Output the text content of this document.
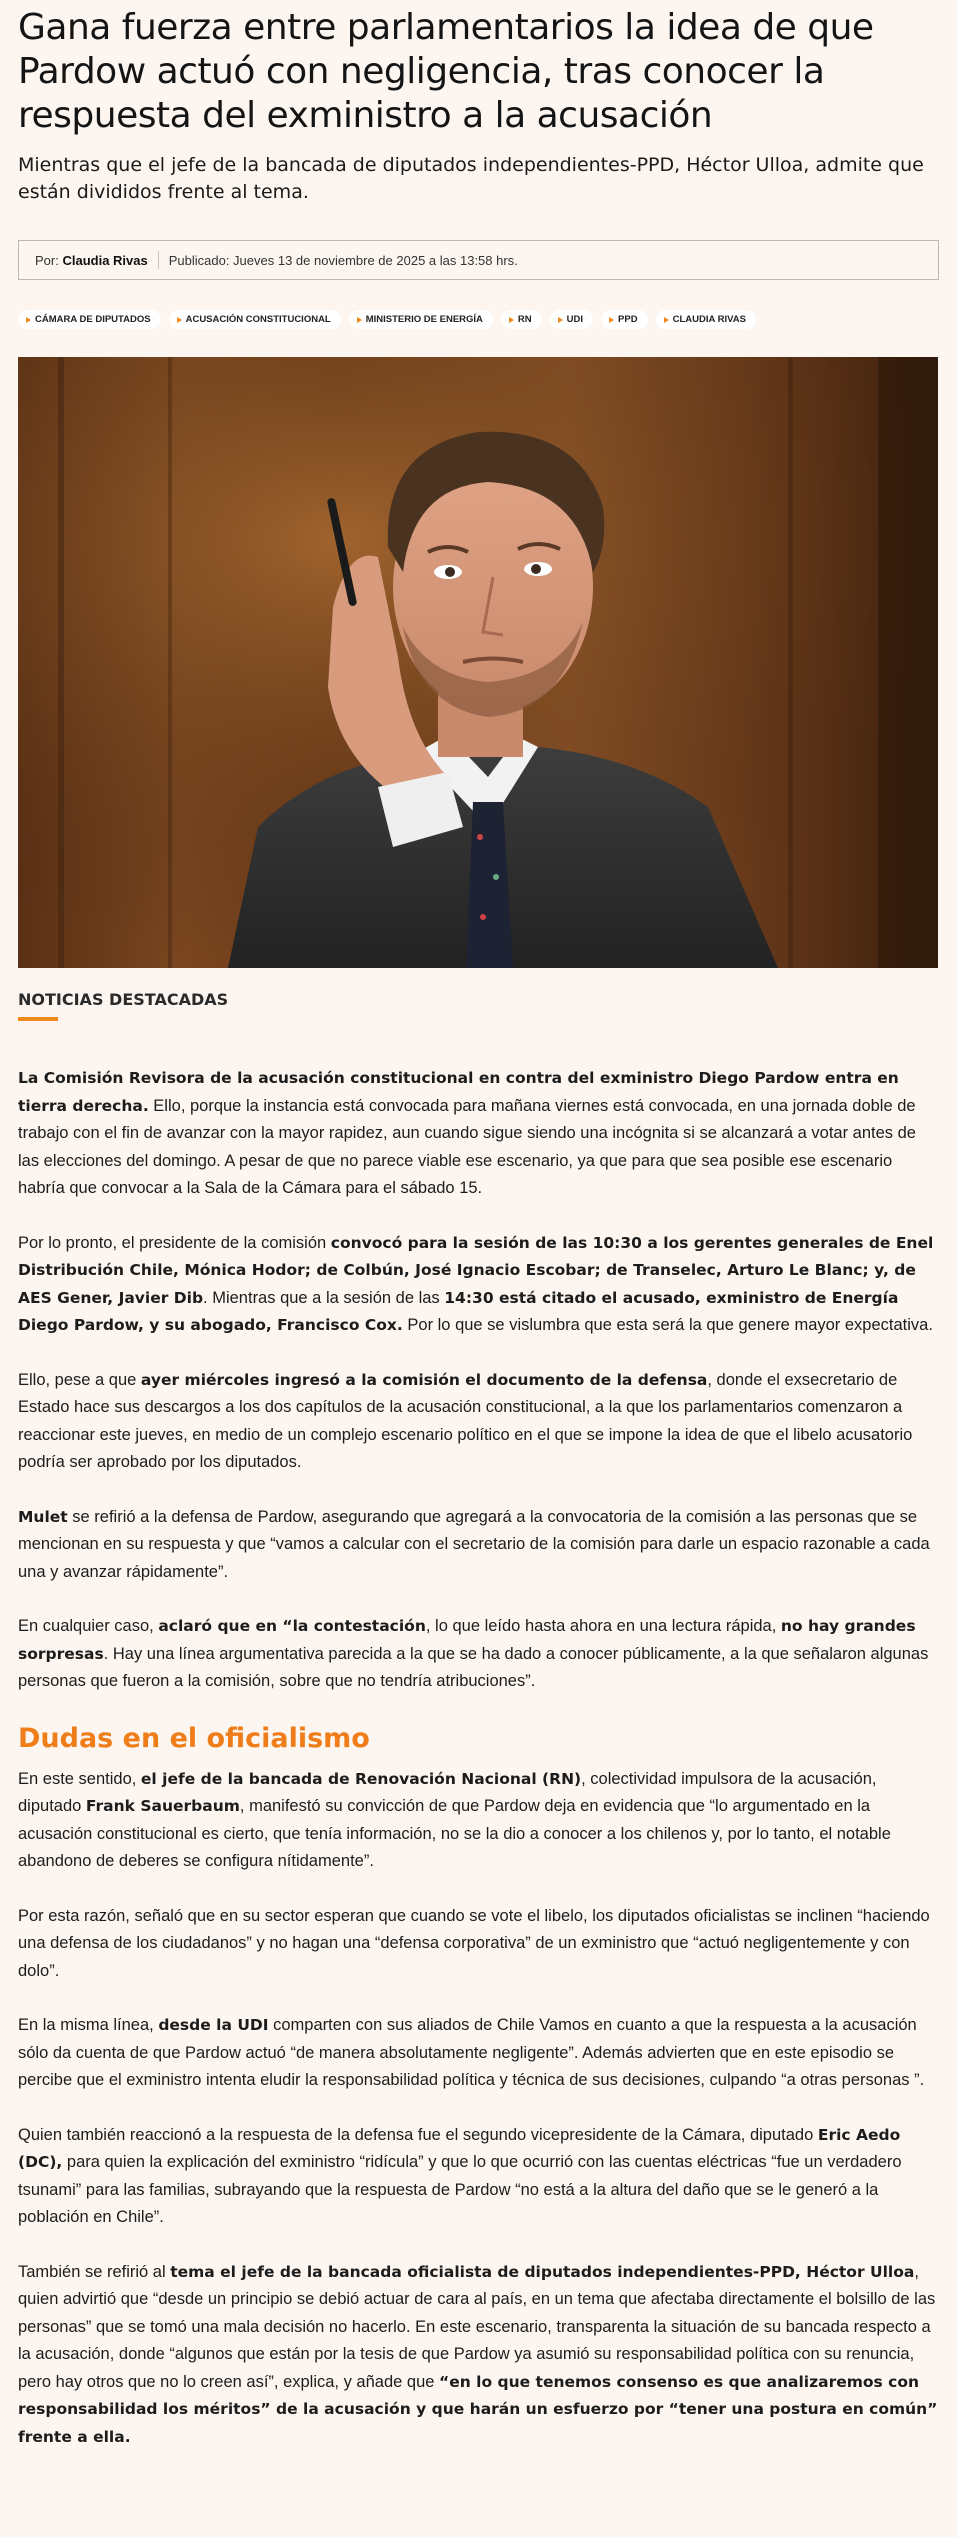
Gana fuerza entre parlamentarios la idea de que Pardow actuó con negligencia, tras conocer la respuesta del exministro a la acusación
Mientras que el jefe de la bancada de diputados independientes-PPD, Héctor Ulloa, admite que están divididos frente al tema.
Por:
Claudia Rivas Publicado: Jueves 13 de noviembre de 2025 a las 13:58 hrs.
CÁMARA DE DIPUTADOS	ACUSACIÓN CONSTITUCIONAL	MINISTERIO DE ENERGÍA	RN	UDI	PPD	CLAUDIA RIVAS
NOTICIAS DESTACADAS

La Comisión Revisora de la acusación constitucional en contra del exministro Diego Pardow entra en tierra derecha. Ello, porque la instancia está convocada para mañana viernes está convocada, en una jornada doble de trabajo con el fin de avanzar con la mayor rapidez, aun cuando sigue siendo una incógnita si se alcanzará a votar antes de las elecciones del domingo. A pesar de que no parece viable ese escenario, ya que para que sea posible ese escenario habría que convocar a la Sala de la Cámara para el sábado 15.

Por lo pronto, el presidente de la comisión convocó para la sesión de las 10:30 a los gerentes generales de Enel Distribución Chile, Mónica Hodor; de Colbún, José Ignacio Escobar; de Transelec, Arturo Le Blanc; y, de AES Gener, Javier Dib. Mientras que a la sesión de las 14:30 está citado el acusado, exministro de Energía Diego Pardow, y su abogado, Francisco Cox. Por lo que se vislumbra que esta será la que genere mayor expectativa.

Ello, pese a que ayer miércoles ingresó a la comisión el documento de la defensa, donde el exsecretario de Estado hace sus descargos a los dos capítulos de la acusación constitucional, a la que los parlamentarios comenzaron a reaccionar este jueves, en medio de un complejo escenario político en el que se impone la idea de que el libelo acusatorio podría ser aprobado por los diputados.

Mulet se refirió a la defensa de Pardow, asegurando que agregará a la convocatoria de la comisión a las personas que se mencionan en su respuesta y que “vamos a calcular con el secretario de la comisión para darle un espacio razonable a cada una y avanzar rápidamente”.

En cualquier caso, aclaró que en “la contestación, lo que leído hasta ahora en una lectura rápida, no hay grandes sorpresas. Hay una línea argumentativa parecida a la que se ha dado a conocer públicamente, a la que señalaron algunas personas que fueron a la comisión, sobre que no tendría atribuciones”.

Dudas en el oficialismo

En este sentido, el jefe de la bancada de Renovación Nacional (RN), colectividad impulsora de la acusación, diputado Frank Sauerbaum, manifestó su convicción de que Pardow deja en evidencia que “lo argumentado en la acusación constitucional es cierto, que tenía información, no se la dio a conocer a los chilenos y, por lo tanto, el notable abandono de deberes se configura nítidamente”.

Por esta razón, señaló que en su sector esperan que cuando se vote el libelo, los diputados oficialistas se inclinen “haciendo una defensa de los ciudadanos” y no hagan una “defensa corporativa” de un exministro que “actuó negligentemente y con dolo”.

En la misma línea, desde la UDI comparten con sus aliados de Chile Vamos en cuanto a que la respuesta a la acusación sólo da cuenta de que Pardow actuó “de manera absolutamente negligente”. Además advierten que en este episodio se percibe que el exministro intenta eludir la responsabilidad política y técnica de sus decisiones, culpando “a otras personas ”.

Quien también reaccionó a la respuesta de la defensa fue el segundo vicepresidente de la Cámara, diputado Eric Aedo (DC), para quien la explicación del exministro “ridícula” y que lo que ocurrió con las cuentas eléctricas “fue un verdadero tsunami” para las familias, subrayando que la respuesta de Pardow “no está a la altura del daño que se le generó a la población en Chile”.

También se refirió al tema el jefe de la bancada oficialista de diputados independientes-PPD, Héctor Ulloa, quien advirtió que “desde un principio se debió actuar de cara al país, en un tema que afectaba directamente el bolsillo de las personas” que se tomó una mala decisión no hacerlo. En este escenario, transparenta la situación de su bancada respecto a la acusación, donde “algunos que están por la tesis de que Pardow ya asumió su responsabilidad política con su renuncia, pero hay otros que no lo creen así”, explica, y añade que “en lo que tenemos consenso es que analizaremos con responsabilidad los méritos” de la acusación y que harán un esfuerzo por “tener una postura en común” frente a ella.
